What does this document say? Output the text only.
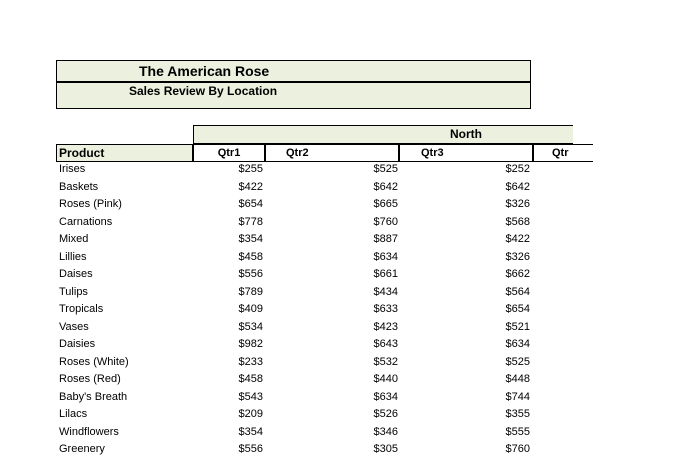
The American Rose
Sales Review By Location
North
Product	Qtr1	Qtr2	Qtr3	Qtr
Irises	$255	$525	$252
Baskets	$422	$642	$642
Roses (Pink)	$654	$665	$326
Carnations	$778	$760	$568
Mixed	$354	$887	$422
Lillies	$458	$634	$326
Daises	$556	$661	$662
Tulips	$789	$434	$564
Tropicals	$409	$633	$654
Vases	$534	$423	$521
Daisies	$982	$643	$634
Roses (White)	$233	$532	$525
Roses (Red)	$458	$440	$448
Baby's Breath	$543	$634	$744
Lilacs	$209	$526	$355
Windflowers	$354	$346	$555
Greenery	$556	$305	$760
